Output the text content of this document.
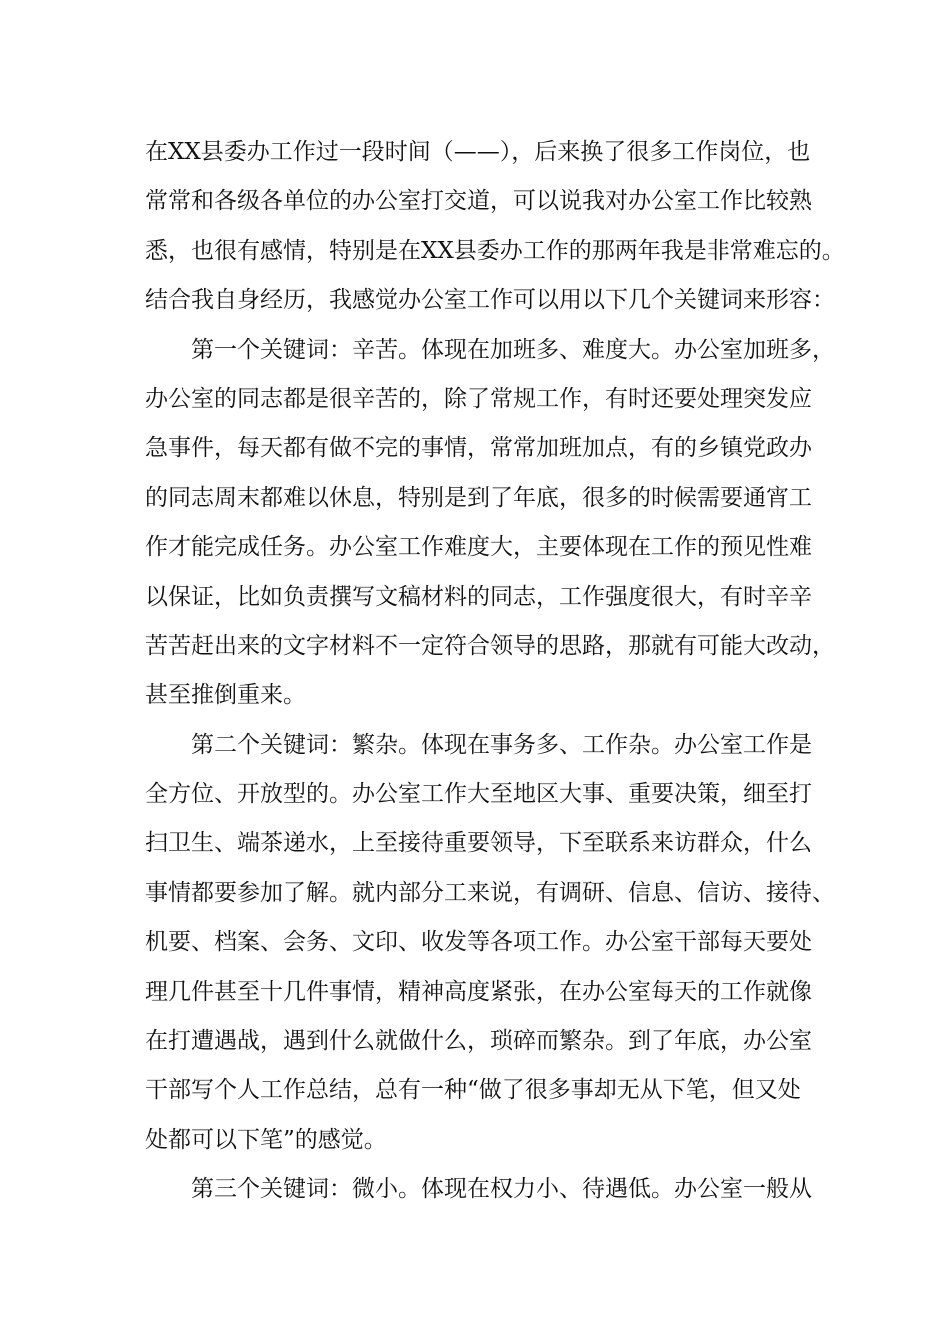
在XX县委办工作过一段时间（——），后来换了很多工作岗位，也
常常和各级各单位的办公室打交道，可以说我对办公室工作比较熟
悉，也很有感情，特别是在XX县委办工作的那两年我是非常难忘的。
结合我自身经历，我感觉办公室工作可以用以下几个关键词来形容：
第一个关键词：辛苦。体现在加班多、难度大。办公室加班多，
办公室的同志都是很辛苦的，除了常规工作，有时还要处理突发应
急事件，每天都有做不完的事情，常常加班加点，有的乡镇党政办
的同志周末都难以休息，特别是到了年底，很多的时候需要通宵工
作才能完成任务。办公室工作难度大，主要体现在工作的预见性难
以保证，比如负责撰写文稿材料的同志，工作强度很大，有时辛辛
苦苦赶出来的文字材料不一定符合领导的思路，那就有可能大改动，
甚至推倒重来。
第二个关键词：繁杂。体现在事务多、工作杂。办公室工作是
全方位、开放型的。办公室工作大至地区大事、重要决策，细至打
扫卫生、端茶递水，上至接待重要领导，下至联系来访群众，什么
事情都要参加了解。就内部分工来说，有调研、信息、信访、接待、
机要、档案、会务、文印、收发等各项工作。办公室干部每天要处
理几件甚至十几件事情，精神高度紧张，在办公室每天的工作就像
在打遭遇战，遇到什么就做什么，琐碎而繁杂。到了年底，办公室
干部写个人工作总结，总有一种“做了很多事却无从下笔，但又处
处都可以下笔”的感觉。
第三个关键词：微小。体现在权力小、待遇低。办公室一般从
